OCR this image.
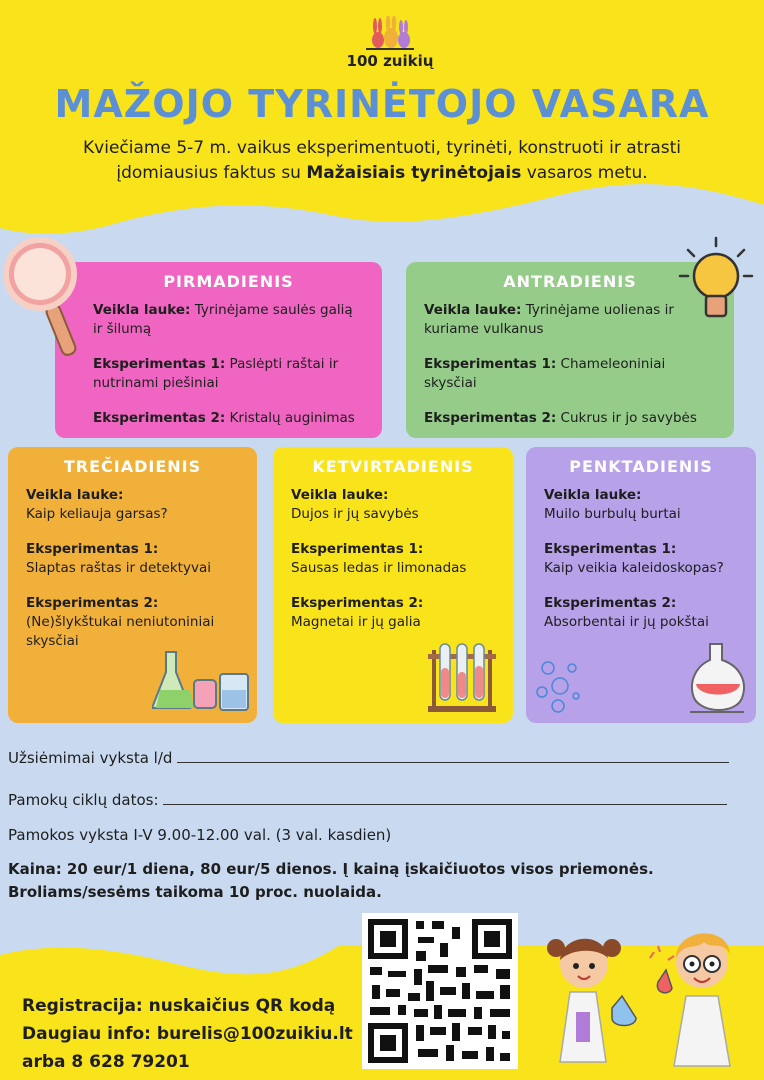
100 zuikių
MAŽOJO TYRINĖTOJO VASARA
Kviečiame 5-7 m. vaikus eksperimentuoti, tyrinėti, konstruoti ir atrasti
įdomiausius faktus su Mažaisiais tyrinėtojais vasaros metu.
PIRMADIENIS

Veikla lauke: Tyrinėjame saulės galią ir šilumą

Eksperimentas 1: Paslėpti raštai ir nutrinami piešiniai

Eksperimentas 2: Kristalų auginimas

ANTRADIENIS

Veikla lauke: Tyrinėjame uolienas ir kuriame vulkanus

Eksperimentas 1: Chameleoniniai skysčiai

Eksperimentas 2: Cukrus ir jo savybės

TREČIADIENIS

Veikla lauke:
Kaip keliauja garsas?

Eksperimentas 1:
Slaptas raštas ir detektyvai

Eksperimentas 2:
(Ne)šlykštukai neniutoniniai skysčiai

KETVIRTADIENIS

Veikla lauke:
Dujos ir jų savybės

Eksperimentas 1:
Sausas ledas ir limonadas

Eksperimentas 2:
Magnetai ir jų galia

PENKTADIENIS

Veikla lauke:
Muilo burbulų burtai

Eksperimentas 1:
Kaip veikia kaleidoskopas?

Eksperimentas 2:
Absorbentai ir jų pokštai

Užsiėmimai vyksta l/d
Pamokų ciklų datos:
Pamokos vyksta I-V 9.00-12.00 val. (3 val. kasdien)
Kaina: 20 eur/1 diena, 80 eur/5 dienos. Į kainą įskaičiuotos visos priemonės.
Broliams/sesėms taikoma 10 proc. nuolaida.
Registracija: nuskaičius QR kodą
Daugiau info: burelis@100zuikiu.lt
arba 8 628 79201
